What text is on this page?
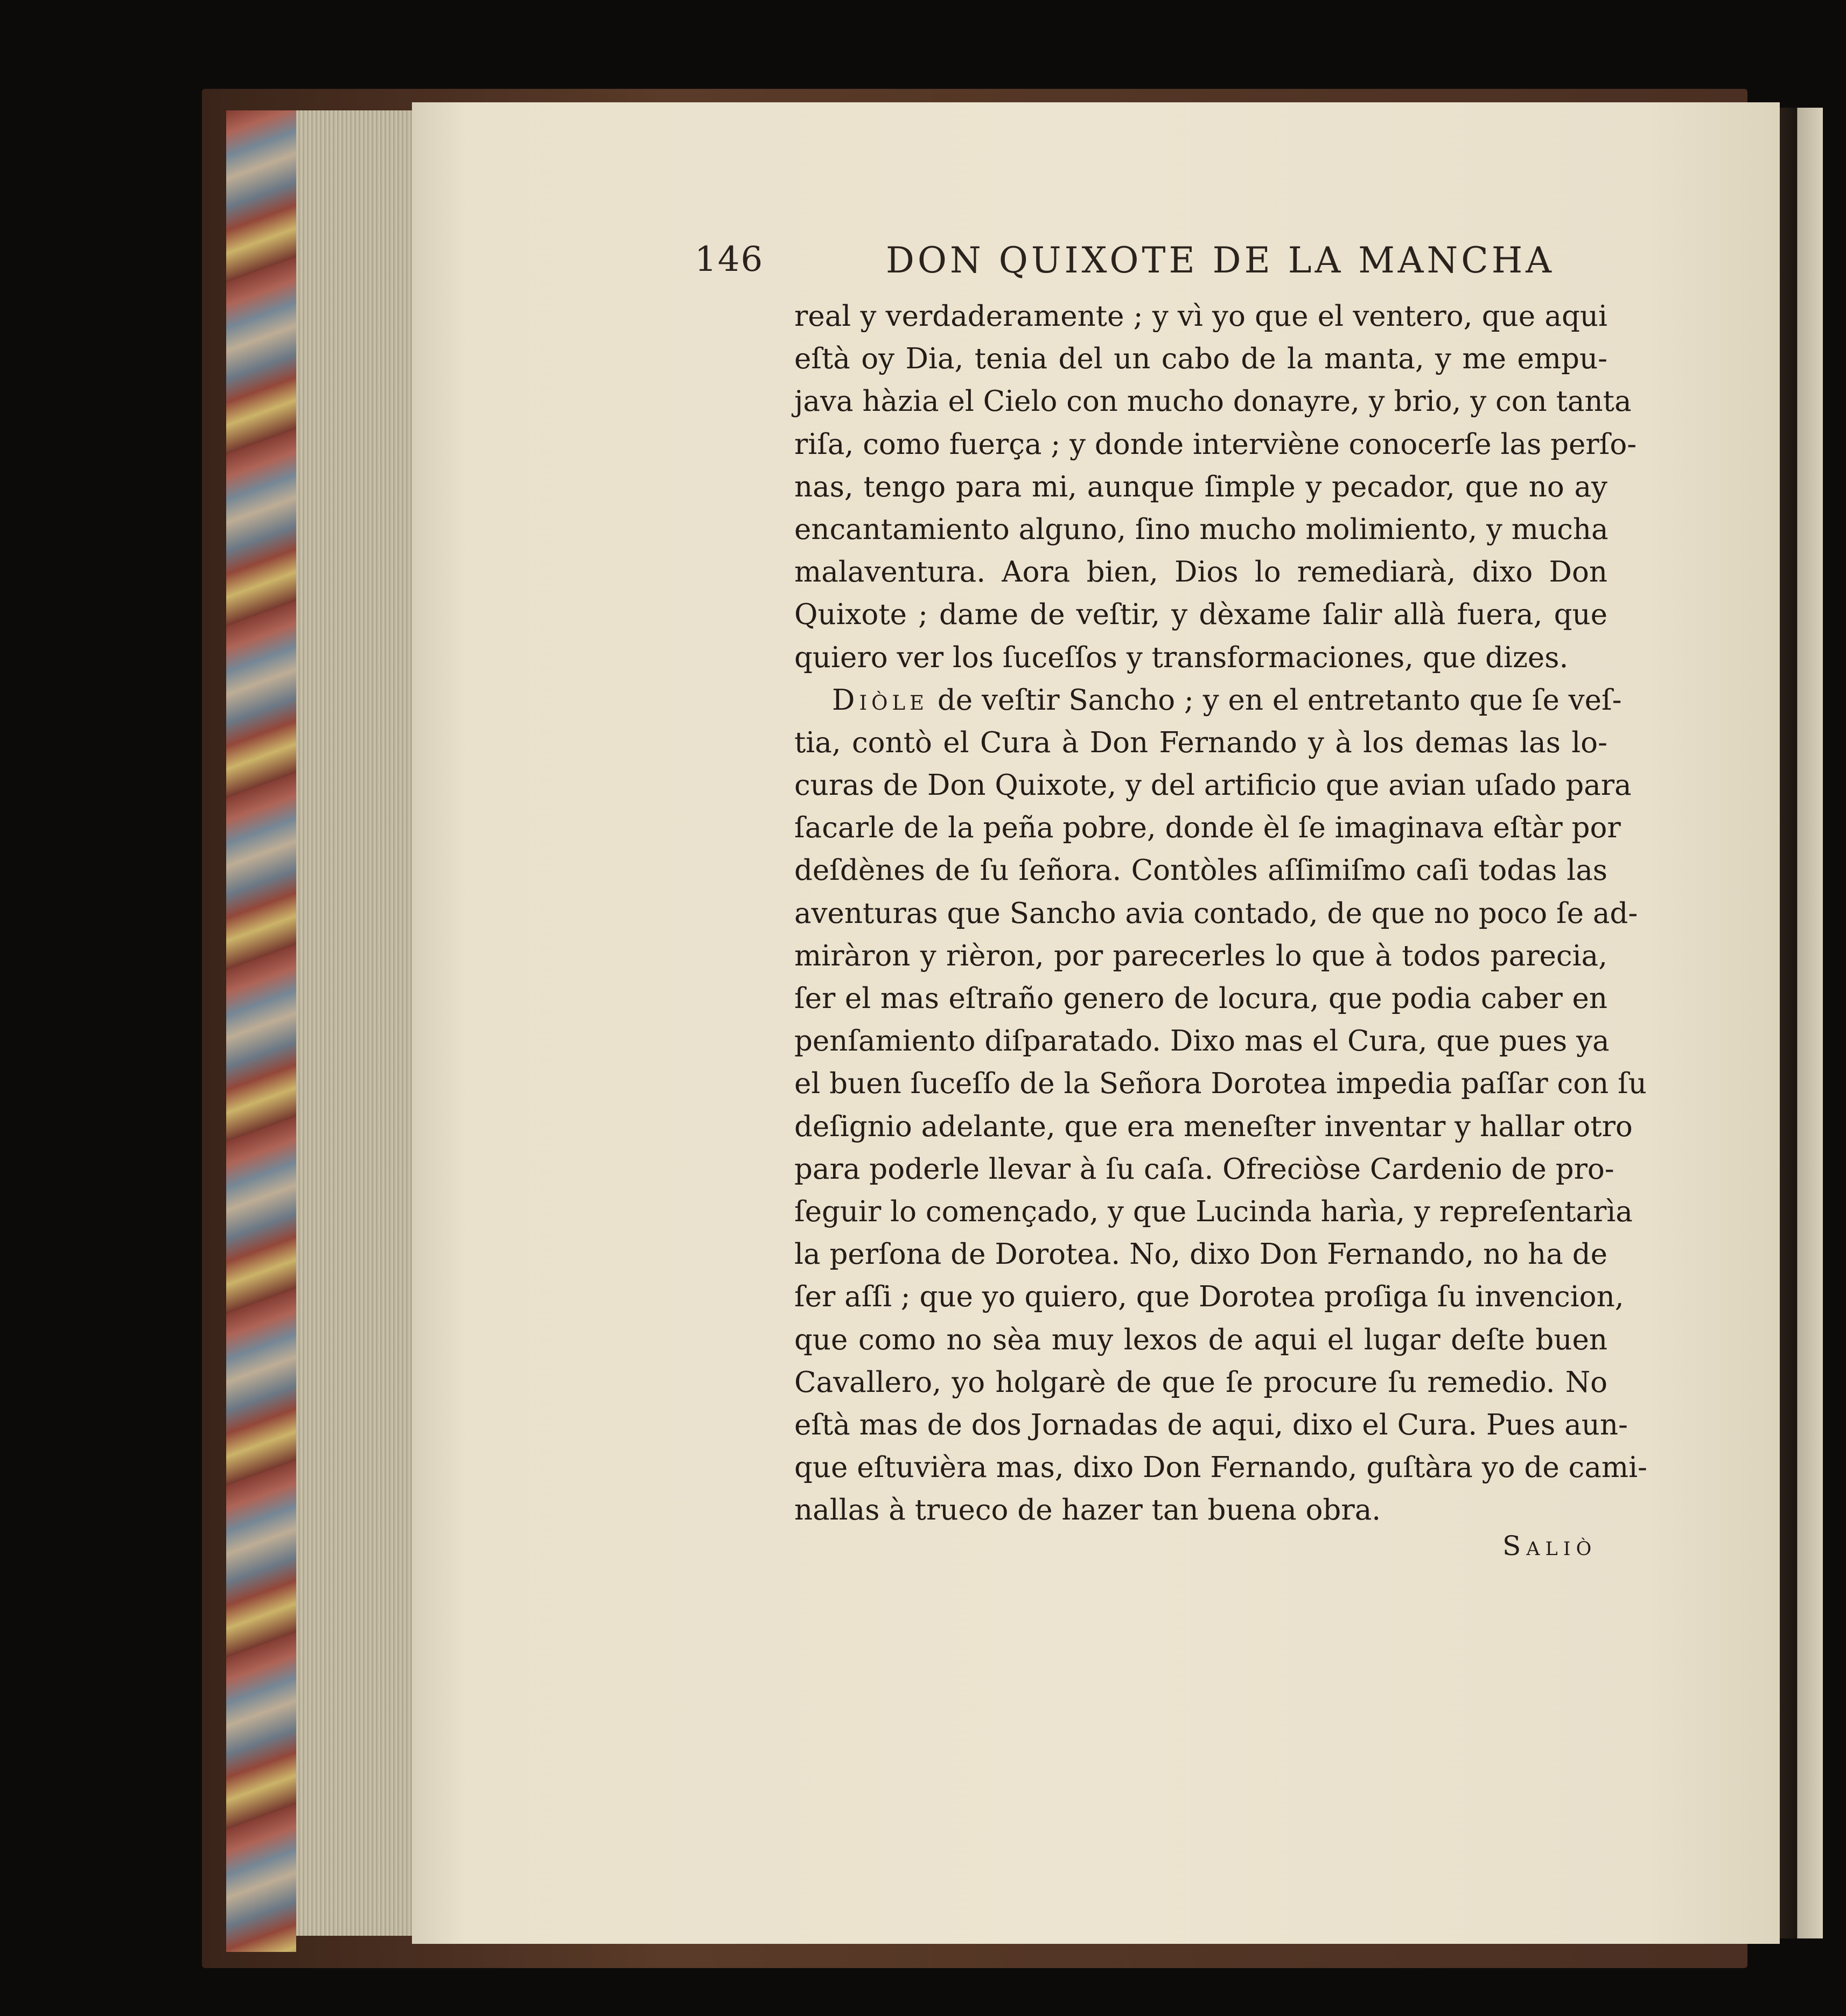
146	DON QUIXOTE DE LA MANCHA
real y verdaderamente ; y vì yo que el ventero, que aqui
eſtà oy Dia, tenia del un cabo de la manta, y me empu-
java hàzia el Cielo con mucho donayre, y brio, y con tanta
riſa, como fuerça ; y donde interviène conocerſe las perſo-
nas, tengo para mi, aunque ſimple y pecador, que no ay
encantamiento alguno, ſino mucho molimiento, y mucha
malaventura. Aora bien, Dios lo remediarà, dixo Don
Quixote ; dame de veſtir, y dèxame ſalir allà fuera, que
quiero ver los ſuceſſos y transformaciones, que dizes.
Diòle de veſtir Sancho ; y en el entretanto que ſe veſ-
tia, contò el Cura à Don Fernando y à los demas las lo-
curas de Don Quixote, y del artificio que avian uſado para
ſacarle de la peña pobre, donde èl ſe imaginava eſtàr por
deſdènes de ſu ſeñora. Contòles aſſimiſmo caſi todas las
aventuras que Sancho avia contado, de que no poco ſe ad-
miràron y rièron, por parecerles lo que à todos parecia,
ſer el mas eſtraño genero de locura, que podia caber en
penſamiento diſparatado. Dixo mas el Cura, que pues ya
el buen ſuceſſo de la Señora Dorotea impedia paſſar con ſu
deſignio adelante, que era meneſter inventar y hallar otro
para poderle llevar à ſu caſa. Ofreciòse Cardenio de pro-
ſeguir lo començado, y que Lucinda harìa, y repreſentarìa
la perſona de Dorotea. No, dixo Don Fernando, no ha de
ſer aſſi ; que yo quiero, que Dorotea proſiga ſu invencion,
que como no sèa muy lexos de aqui el lugar deſte buen
Cavallero, yo holgarè de que ſe procure ſu remedio. No
eſtà mas de dos Jornadas de aqui, dixo el Cura. Pues aun-
que eſtuvièra mas, dixo Don Fernando, guſtàra yo de cami-
nallas à trueco de hazer tan buena obra.
Saliò
